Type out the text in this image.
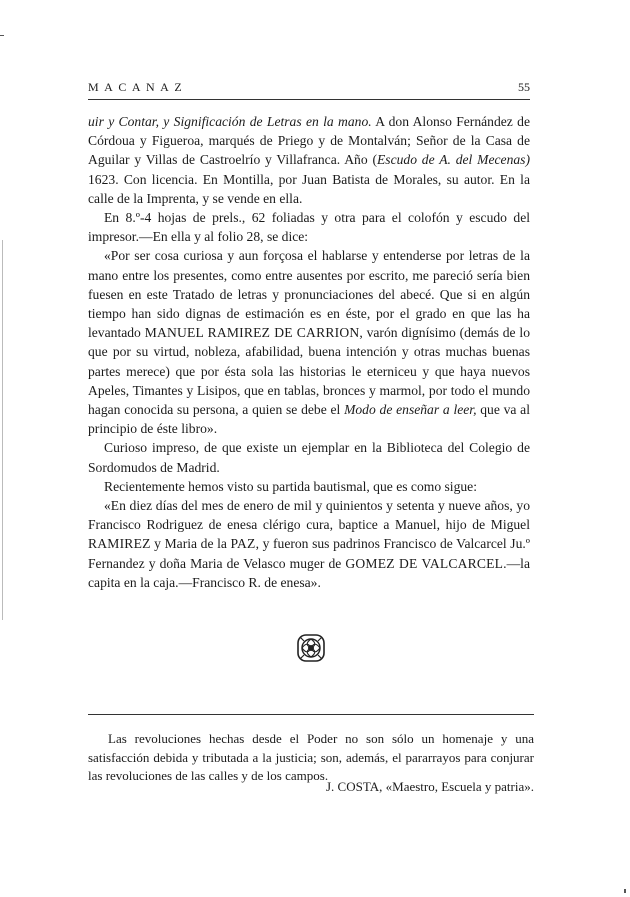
MACANAZ	55

uir y Contar, y Significación de Letras en la mano. A don Alonso Fernández de Córdoua y Figueroa, marqués de Priego y de Montalván; Señor de la Casa de Aguilar y Villas de Castroelrío y Villafranca. Año (Escudo de A. del Mecenas) 1623. Con licencia. En Montilla, por Juan Batista de Morales, su autor. En la calle de la Imprenta, y se vende en ella.

En 8.º-4 hojas de prels., 62 foliadas y otra para el colofón y escudo del impresor.—En ella y al folio 28, se dice:

«Por ser cosa curiosa y aun forçosa el hablarse y entenderse por letras de la mano entre los presentes, como entre ausentes por escrito, me pareció sería bien fuesen en este Tratado de letras y pronunciaciones del abecé. Que si en algún tiempo han sido dignas de estimación es en éste, por el grado en que las ha levantado MANUEL RAMIREZ DE CARRION, varón dignísimo (demás de lo que por su virtud, nobleza, afabilidad, buena intención y otras muchas buenas partes merece) que por ésta sola las historias le eterniceu y que haya nuevos Apeles, Timantes y Lisipos, que en tablas, bronces y marmol, por todo el mundo hagan conocida su persona, a quien se debe el Modo de enseñar a leer, que va al principio de éste libro».

Curioso impreso, de que existe un ejemplar en la Biblioteca del Colegio de Sordomudos de Madrid.

Recientemente hemos visto su partida bautismal, que es como sigue:

«En diez días del mes de enero de mil y quinientos y setenta y nueve años, yo Francisco Rodriguez de enesa clérigo cura, baptice a Manuel, hijo de Miguel RAMIREZ y Maria de la PAZ, y fueron sus padrinos Francisco de Valcarcel Ju.º Fernandez y doña Maria de Velasco muger de GOMEZ DE VALCARCEL.—la capita en la caja.—Francisco R. de enesa».

Las revoluciones hechas desde el Poder no son sólo un homenaje y una satisfacción debida y tributada a la justicia; son, además, el pararrayos para conjurar las revoluciones de las calles y de los campos.

J. COSTA, «Maestro, Escuela y patria».
